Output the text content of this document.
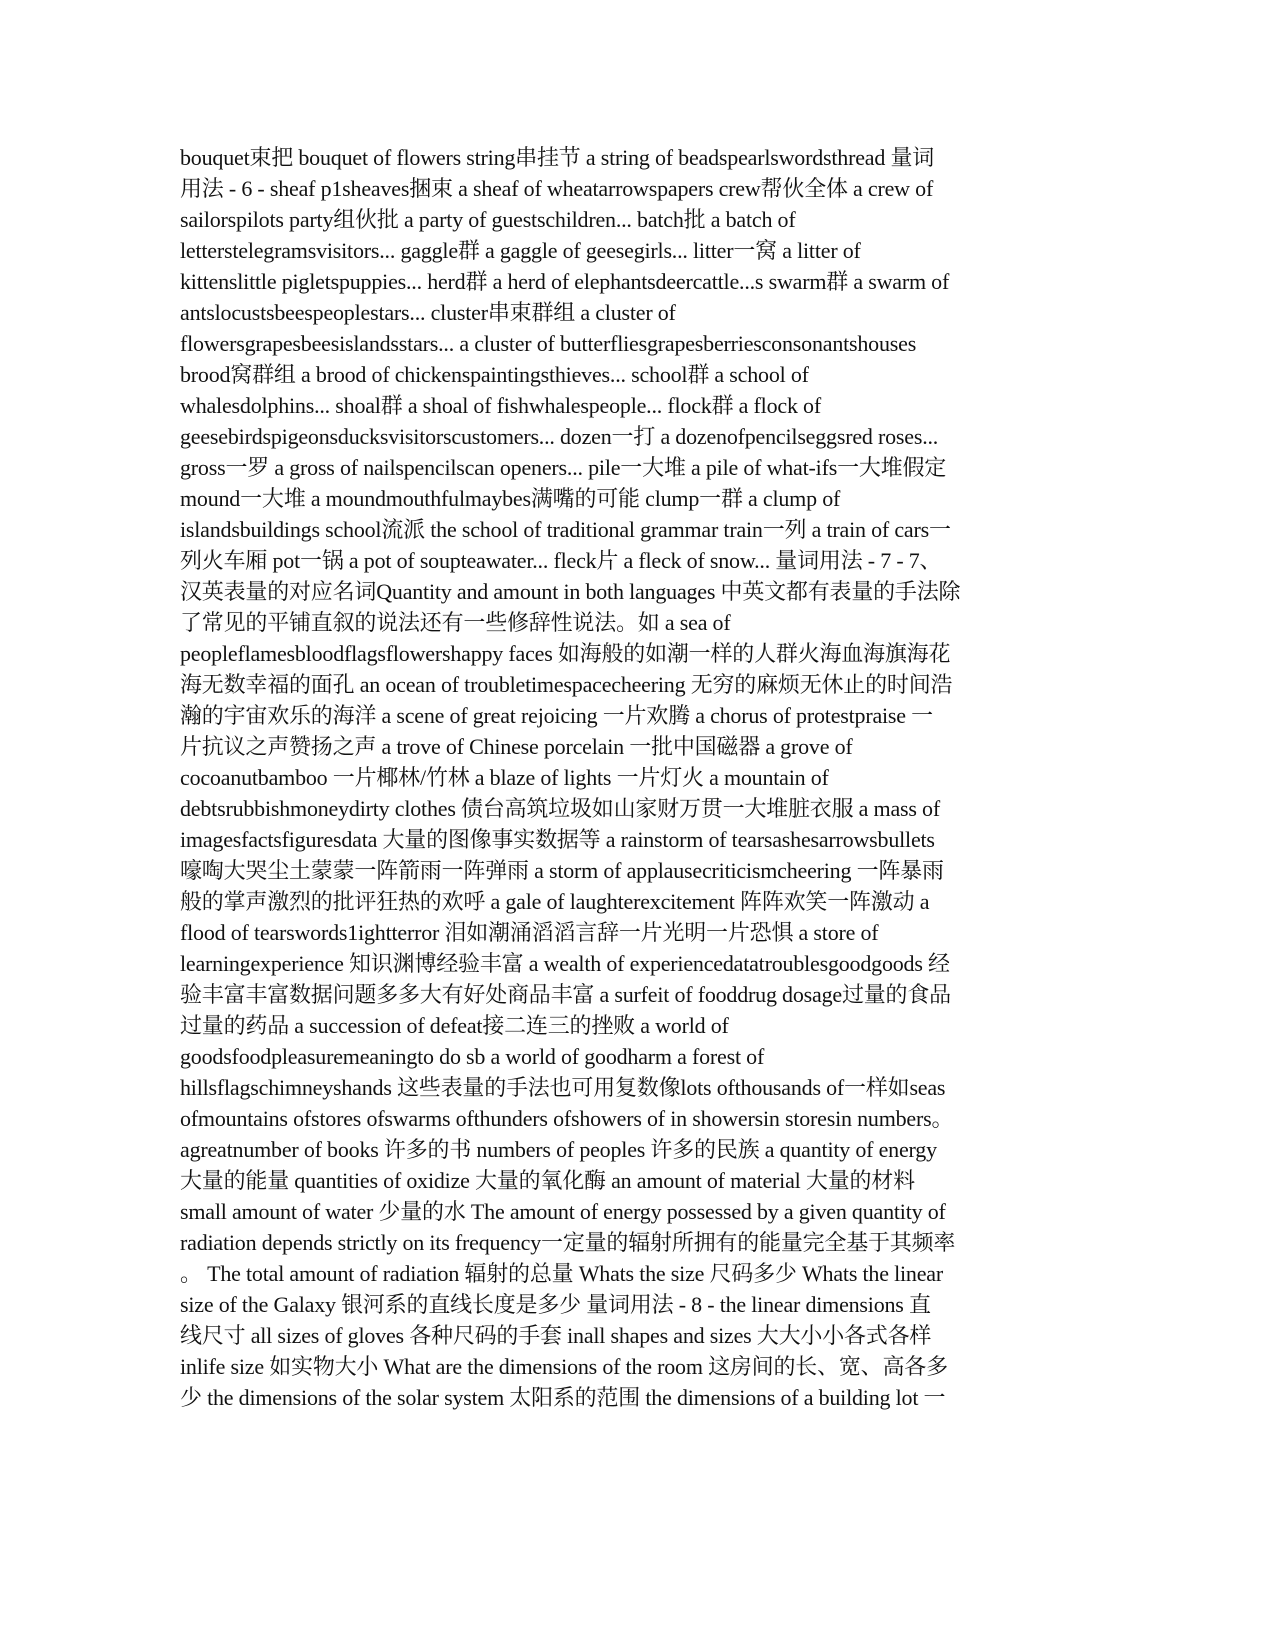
bouquet束把 bouquet of flowers string串挂节 a string of beadspearlswordsthread 量词
用法 - 6 - sheaf p1sheaves捆束 a sheaf of wheatarrowspapers crew帮伙全体 a crew of
sailorspilots party组伙批 a party of guestschildren... batch批 a batch of
letterstelegramsvisitors... gaggle群 a gaggle of geesegirls... litter一窝 a litter of
kittenslittle pigletspuppies... herd群 a herd of elephantsdeercattle...s swarm群 a swarm of
antslocustsbeespeoplestars... cluster串束群组 a cluster of
flowersgrapesbeesislandsstars... a cluster of butterfliesgrapesberriesconsonantshouses
brood窝群组 a brood of chickenspaintingsthieves... school群 a school of
whalesdolphins... shoal群 a shoal of fishwhalespeople... flock群 a flock of
geesebirdspigeonsducksvisitorscustomers... dozen一打 a dozenofpencilseggsred roses...
gross一罗 a gross of nailspencilscan openers... pile一大堆 a pile of what-ifs一大堆假定
mound一大堆 a moundmouthfulmaybes满嘴的可能 clump一群 a clump of
islandsbuildings school流派 the school of traditional grammar train一列 a train of cars一
列火车厢 pot一锅 a pot of soupteawater... fleck片 a fleck of snow... 量词用法 - 7 - 7、
汉英表量的对应名词Quantity and amount in both languages 中英文都有表量的手法除
了常见的平铺直叙的说法还有一些修辞性说法。如 a sea of
peopleflamesbloodflagsflowershappy faces 如海般的如潮一样的人群火海血海旗海花
海无数幸福的面孔 an ocean of troubletimespacecheering 无穷的麻烦无休止的时间浩
瀚的宇宙欢乐的海洋 a scene of great rejoicing 一片欢腾 a chorus of protestpraise 一
片抗议之声赞扬之声 a trove of Chinese porcelain 一批中国磁器 a grove of
cocoanutbamboo 一片椰林/竹林 a blaze of lights 一片灯火 a mountain of
debtsrubbishmoneydirty clothes 债台高筑垃圾如山家财万贯一大堆脏衣服 a mass of
imagesfactsfiguresdata 大量的图像事实数据等 a rainstorm of tearsashesarrowsbullets
嚎啕大哭尘土蒙蒙一阵箭雨一阵弹雨 a storm of applausecriticismcheering 一阵暴雨
般的掌声激烈的批评狂热的欢呼 a gale of laughterexcitement 阵阵欢笑一阵激动 a
flood of tearswords1ightterror 泪如潮涌滔滔言辞一片光明一片恐惧 a store of
learningexperience 知识渊博经验丰富 a wealth of experiencedatatroublesgoodgoods 经
验丰富丰富数据问题多多大有好处商品丰富 a surfeit of fooddrug dosage过量的食品
过量的药品 a succession of defeat接二连三的挫败 a world of
goodsfoodpleasuremeaningto do sb a world of goodharm a forest of
hillsflagschimneyshands 这些表量的手法也可用复数像lots ofthousands of一样如seas
ofmountains ofstores ofswarms ofthunders ofshowers of in showersin storesin numbers。
agreatnumber of books 许多的书 numbers of peoples 许多的民族 a quantity of energy
大量的能量 quantities of oxidize 大量的氧化酶 an amount of material 大量的材料
small amount of water 少量的水 The amount of energy possessed by a given quantity of
radiation depends strictly on its frequency一定量的辐射所拥有的能量完全基于其频率
。 The total amount of radiation 辐射的总量 Whats the size 尺码多少 Whats the linear
size of the Galaxy 银河系的直线长度是多少 量词用法 - 8 - the linear dimensions 直
线尺寸 all sizes of gloves 各种尺码的手套 inall shapes and sizes 大大小小各式各样
inlife size 如实物大小 What are the dimensions of the room 这房间的长、宽、高各多
少 the dimensions of the solar system 太阳系的范围 the dimensions of a building lot 一
